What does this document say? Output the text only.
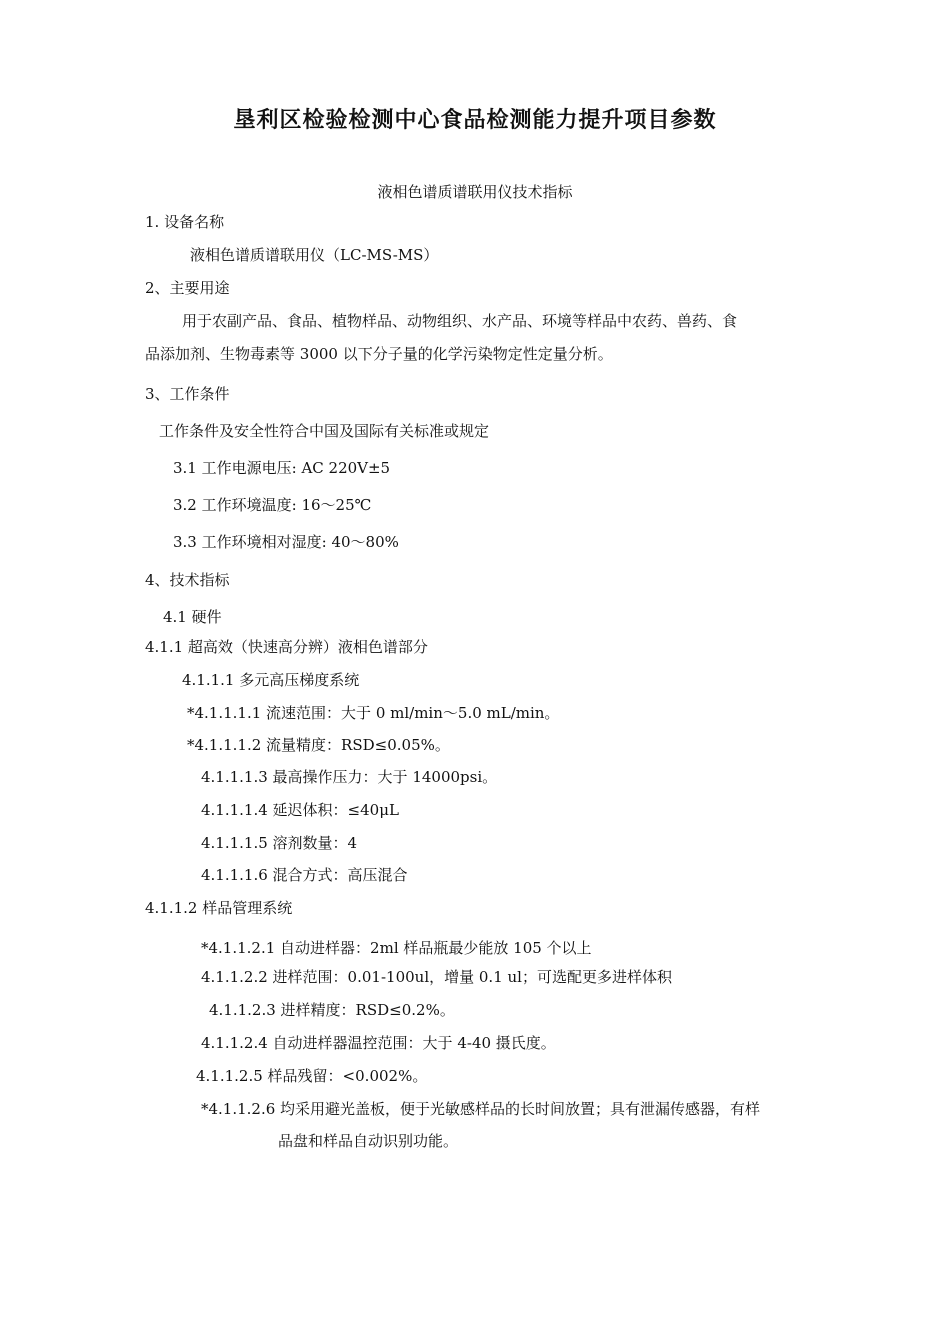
垦利区检验检测中心食品检测能力提升项目参数
液相色谱质谱联用仪技术指标
1. 设备名称
液相色谱质谱联用仪（LC-MS-MS）
2、主要用途
用于农副产品、食品、植物样品、动物组织、水产品、环境等样品中农药、兽药、食
品添加剂、生物毒素等 3000 以下分子量的化学污染物定性定量分析。
3、工作条件
工作条件及安全性符合中国及国际有关标准或规定
3.1 工作电源电压: AC 220V±5
3.2 工作环境温度: 16～25℃
3.3 工作环境相对湿度: 40～80%
4、技术指标
4.1 硬件
4.1.1 超高效（快速高分辨）液相色谱部分
4.1.1.1 多元高压梯度系统
*4.1.1.1.1 流速范围：大于 0 ml/min～5.0 mL/min。
*4.1.1.1.2 流量精度：RSD≤0.05%。
4.1.1.1.3 最高操作压力：大于 14000psi。
4.1.1.1.4 延迟体积：≤40μL
4.1.1.1.5 溶剂数量：4
4.1.1.1.6 混合方式：高压混合
4.1.1.2 样品管理系统
*4.1.1.2.1 自动进样器：2ml 样品瓶最少能放 105 个以上
4.1.1.2.2 进样范围：0.01-100ul，增量 0.1 ul；可选配更多进样体积
4.1.1.2.3 进样精度：RSD≤0.2%。
4.1.1.2.4 自动进样器温控范围：大于 4-40 摄氏度。
4.1.1.2.5 样品残留：<0.002%。
*4.1.1.2.6 均采用避光盖板，便于光敏感样品的长时间放置；具有泄漏传感器，有样
品盘和样品自动识别功能。
